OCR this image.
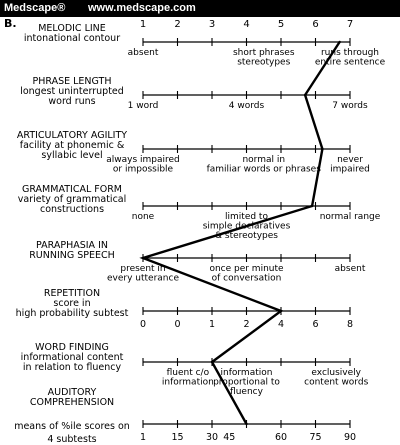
Medscape® www.medscape.com
B.	1	2	3	4	5	6	7
MELODIC LINE
intonational contour
absent	short phrases
stereotypes
runs through
entire sentence
PHRASE LENGTH
longest uninterrupted
word runs	1 word	4 words	7 words
ARTICULATORY AGILITY
facility at phonemic &
syllabic level always impaired
or impossible
normal in
familiar words or phrases
never
impaired
GRAMMATICAL FORM
variety of grammatical
constructions
none	limited to
simple declaratives
& stereotypes
normal range
PARAPHASIA IN
RUNNING SPEECH
present in
every utterance
once per minute
of conversation
absent
REPETITION
score in
high probability subtest
0	0	1	2	4	6	8
WORD FINDING
informational content
in relation to fluency	fluent c/o
information
information
proportional to
fluency
exclusively
content words
AUDITORY
COMPREHENSION
means of %ile scores on
4 subtests	1	15 30 45	60 75 90
